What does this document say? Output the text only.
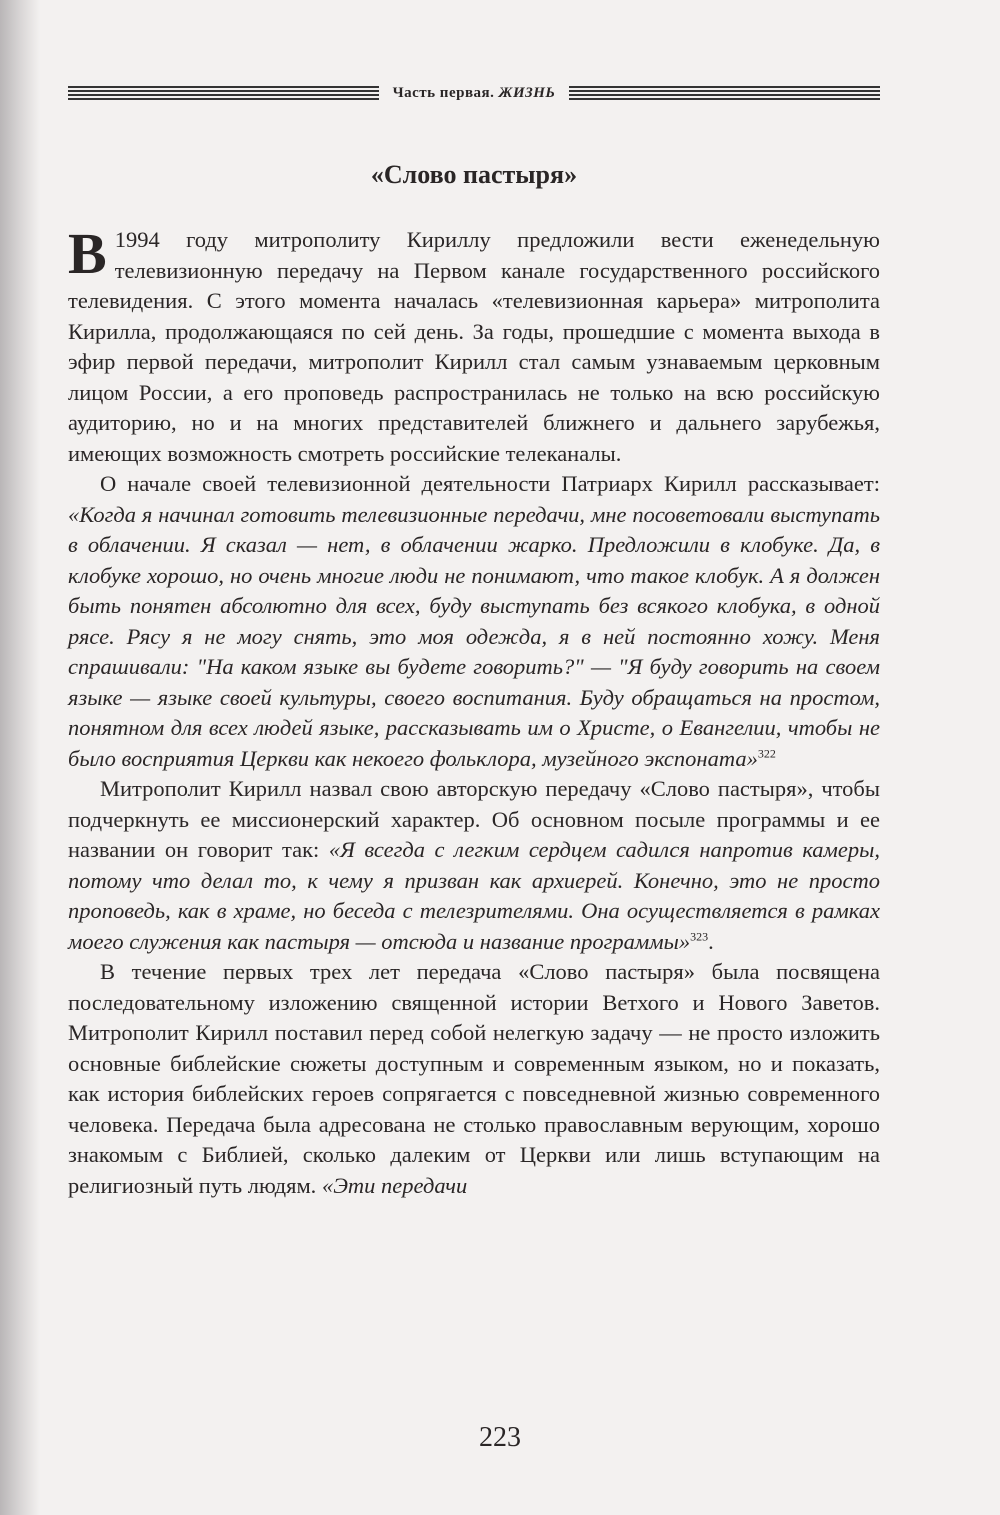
Часть первая. ЖИЗНЬ
«Слово пастыря»

В 1994 году митрополиту Кириллу предложили вести еженедельную телевизионную передачу на Первом канале государственного российского телевидения. С этого момента началась «телевизионная карьера» митрополита Кирилла, продолжающаяся по сей день. За годы, прошедшие с момента выхода в эфир первой передачи, митрополит Кирилл стал самым узнаваемым церковным лицом России, а его проповедь распространилась не только на всю российскую аудиторию, но и на многих представителей ближнего и дальнего зарубежья, имеющих возможность смотреть российские телеканалы.

О начале своей телевизионной деятельности Патриарх Кирилл рассказывает: «Когда я начинал готовить телевизионные передачи, мне посоветовали выступать в облачении. Я сказал — нет, в облачении жарко. Предложили в клобуке. Да, в клобуке хорошо, но очень многие люди не понимают, что такое клобук. А я должен быть понятен абсолютно для всех, буду выступать без всякого клобука, в одной рясе. Рясу я не могу снять, это моя одежда, я в ней постоянно хожу. Меня спрашивали: "На каком языке вы будете говорить?" — "Я буду говорить на своем языке — языке своей культуры, своего воспитания. Буду обращаться на простом, понятном для всех людей языке, рассказывать им о Христе, о Евангелии, чтобы не было восприятия Церкви как некоего фольклора, музейного экспоната»$^{322}$

Митрополит Кирилл назвал свою авторскую передачу «Слово пастыря», чтобы подчеркнуть ее миссионерский характер. Об основном посыле программы и ее названии он говорит так: «Я всегда с легким сердцем садился напротив камеры, потому что делал то, к чему я призван как архиерей. Конечно, это не просто проповедь, как в храме, но беседа с телезрителями. Она осуществляется в рамках моего служения как пастыря — отсюда и название программы»$^{323}$.

В течение первых трех лет передача «Слово пастыря» была посвящена последовательному изложению священной истории Ветхого и Нового Заветов. Митрополит Кирилл поставил перед собой нелегкую задачу — не просто изложить основные библейские сюжеты доступным и современным языком, но и показать, как история библейских героев сопрягается с повседневной жизнью современного человека. Передача была адресована не столько православным верующим, хорошо знакомым с Библией, сколько далеким от Церкви или лишь вступающим на религиозный путь людям. «Эти передачи

223
